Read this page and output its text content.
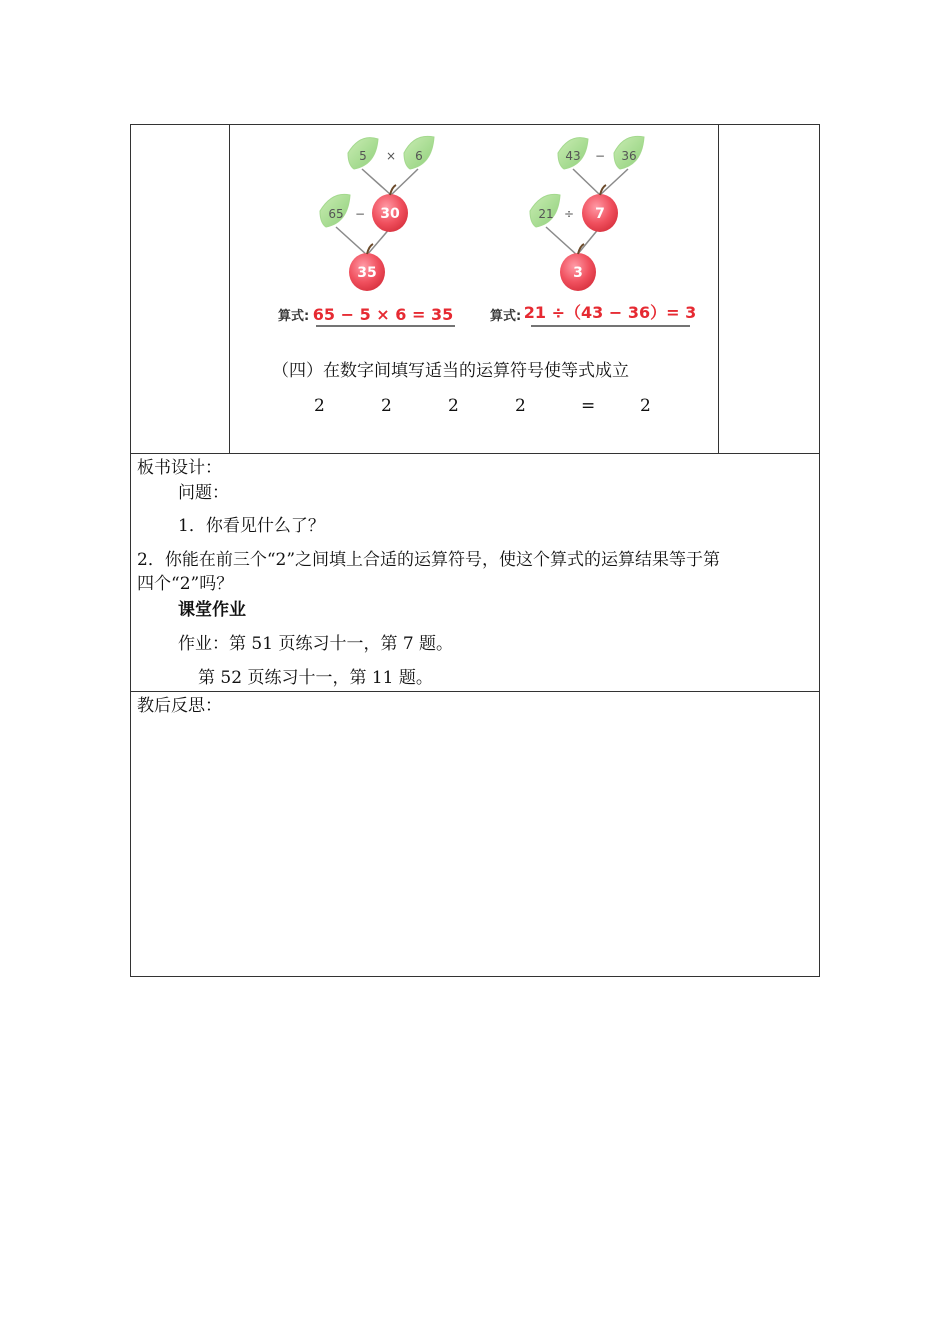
5 × 6
65 − 30
35
算式: 65 − 5 × 6 = 35
43 − 36
21 ÷ 7
3
算式: 21 ÷（43 − 36）= 3
（四）在数字间填写适当的运算符号使等式成立
2	2	2	2	=	2
板书设计：
问题：
1．你看见什么了？
2．你能在前三个“2”之间填上合适的运算符号，使这个算式的运算结果等于第
四个“2”吗？
课堂作业
作业：第 51 页练习十一，第 7 题。
第 52 页练习十一，第 11 题。
教后反思：
